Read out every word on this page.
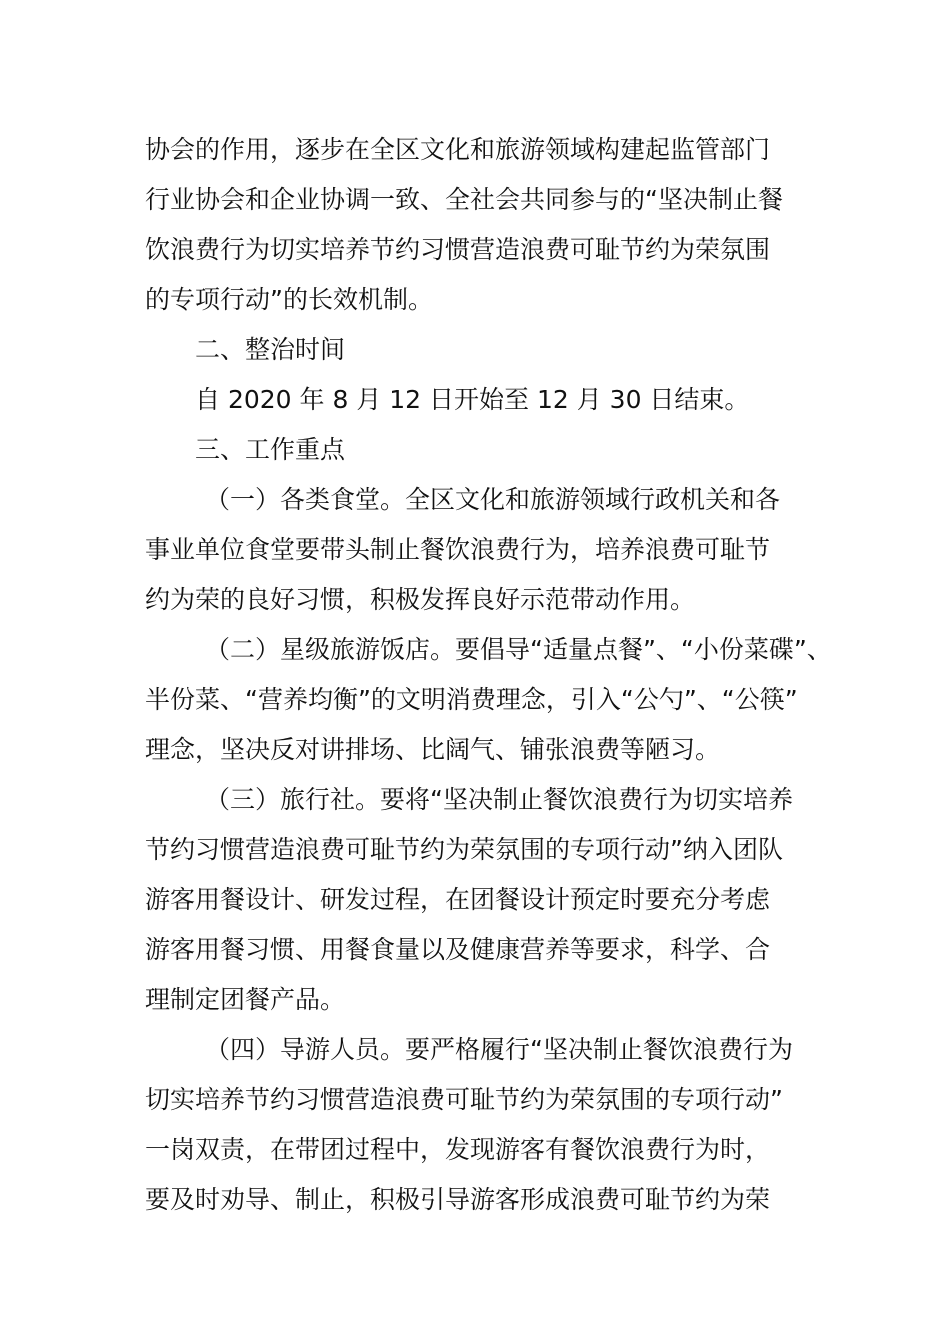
协会的作用，逐步在全区文化和旅游领域构建起监管部门
行业协会和企业协调一致、全社会共同参与的“坚决制止餐
饮浪费行为切实培养节约习惯营造浪费可耻节约为荣氛围
的专项行动”的长效机制。
二、整治时间
自 2020 年 8 月 12 日开始至 12 月 30 日结束。
三、工作重点
（一）各类食堂。全区文化和旅游领域行政机关和各
事业单位食堂要带头制止餐饮浪费行为，培养浪费可耻节
约为荣的良好习惯，积极发挥良好示范带动作用。
（二）星级旅游饭店。要倡导“适量点餐”、“小份菜碟”、
半份菜、“营养均衡”的文明消费理念，引入“公勺”、“公筷”
理念，坚决反对讲排场、比阔气、铺张浪费等陋习。
（三）旅行社。要将“坚决制止餐饮浪费行为切实培养
节约习惯营造浪费可耻节约为荣氛围的专项行动”纳入团队
游客用餐设计、研发过程，在团餐设计预定时要充分考虑
游客用餐习惯、用餐食量以及健康营养等要求，科学、合
理制定团餐产品。
（四）导游人员。要严格履行“坚决制止餐饮浪费行为
切实培养节约习惯营造浪费可耻节约为荣氛围的专项行动”
一岗双责，在带团过程中，发现游客有餐饮浪费行为时，
要及时劝导、制止，积极引导游客形成浪费可耻节约为荣
